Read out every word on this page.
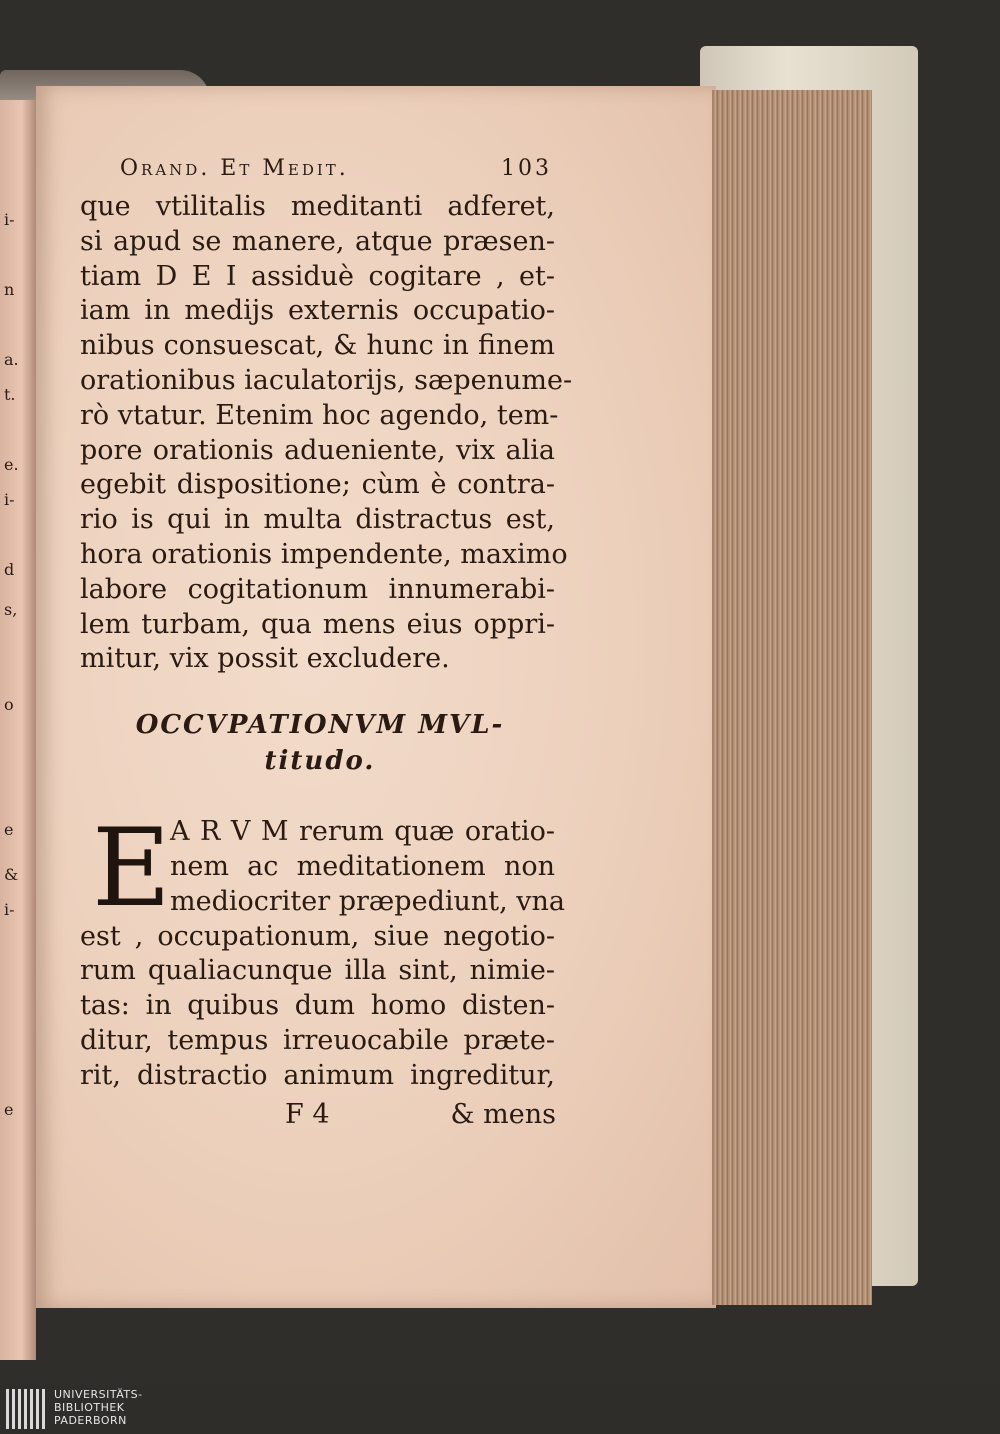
i-
n
a.
t.
e.
i-
d
s,
o
e
&
i-
e
Orand. Et Medit.	103
que vtilitalis meditanti adferet,
si apud se manere, atque præsen-
tiam D E I assiduè cogitare , et-
iam in medijs externis occupatio-
nibus consuescat, & hunc in finem
orationibus iaculatorijs, sæpenume-
rò vtatur. Etenim hoc agendo, tem-
pore orationis adueniente, vix alia
egebit dispositione; cùm è contra-
rio is qui in multa distractus est,
hora orationis impendente, maximo
labore cogitationum innumerabi-
lem turbam, qua mens eius oppri-
mitur, vix possit excludere.
OCCVPATIONVM MVL-
titudo.
E A R V M rerum quæ oratio-
nem ac meditationem non
mediocriter præpediunt, vna
est , occupationum, siue negotio-
rum qualiacunque illa sint, nimie-
tas: in quibus dum homo disten-
ditur, tempus irreuocabile præte-
rit, distractio animum ingreditur,
F 4	& mens
UNIVERSITÄTS-
BIBLIOTHEK
PADERBORN
